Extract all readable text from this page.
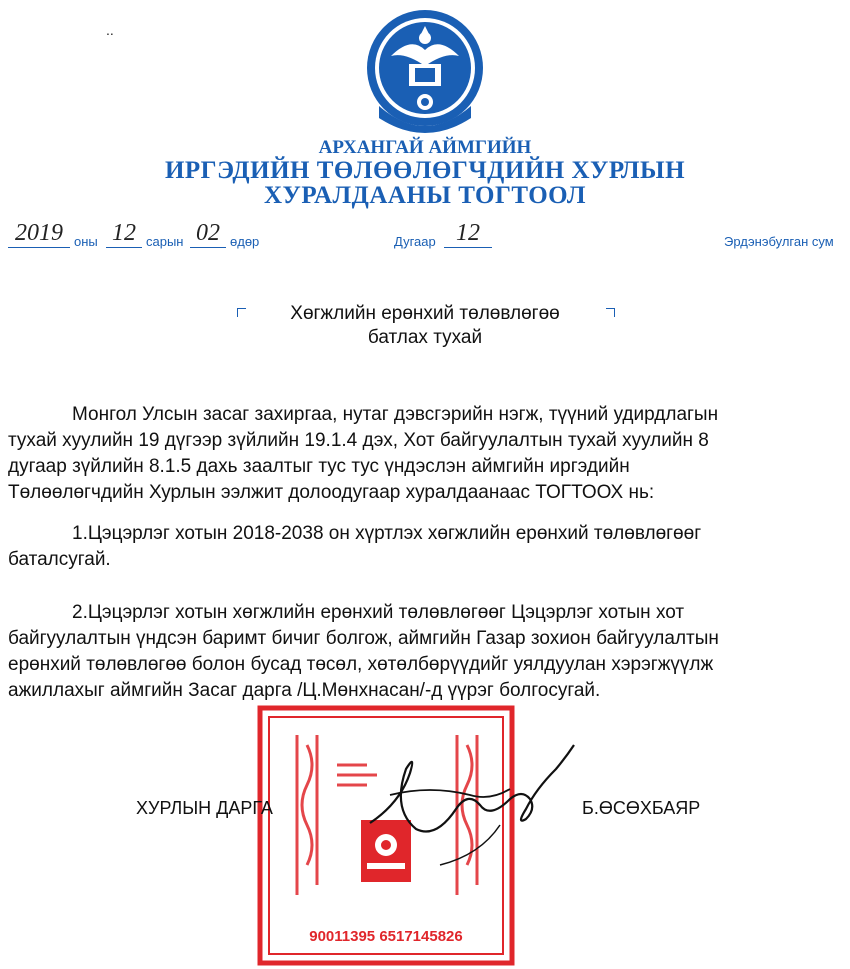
..
АРХАНГАЙ АЙМГИЙН
ИРГЭДИЙН ТӨЛӨӨЛӨГЧДИЙН ХУРЛЫН
ХУРАЛДААНЫ ТОГТООЛ
2019 оны 12 сарын 02 өдөр	Дугаар 12	Эрдэнэбулган сум
Хөгжлийн ерөнхий төлөвлөгөө
батлах тухай

Монгол Улсын засаг захиргаа, нутаг дэвсгэрийн нэгж, түүний удирдлагын

тухай хуулийн 19 дүгээр зүйлийн 19.1.4 дэх, Хот байгуулалтын тухай хуулийн 8

дугаар зүйлийн 8.1.5 дахь заалтыг тус тус үндэслэн аймгийн иргэдийн

Төлөөлөгчдийн Хурлын ээлжит долоодугаар хуралдаанаас ТОГТООХ нь:

1.Цэцэрлэг хотын 2018-2038 он хүртлэх хөгжлийн ерөнхий төлөвлөгөөг

баталсугай.

2.Цэцэрлэг хотын хөгжлийн ерөнхий төлөвлөгөөг Цэцэрлэг хотын хот

байгуулалтын үндсэн баримт бичиг болгож, аймгийн Газар зохион байгуулалтын

ерөнхий төлөвлөгөө болон бусад төсөл, хөтөлбөрүүдийг уялдуулан хэрэгжүүлж

ажиллахыг аймгийн Засаг дарга /Ц.Мөнхнасан/-д үүрэг болгосугай.

90011395 6517145826
ХУРЛЫН ДАРГА	Б.ӨСӨХБАЯР
